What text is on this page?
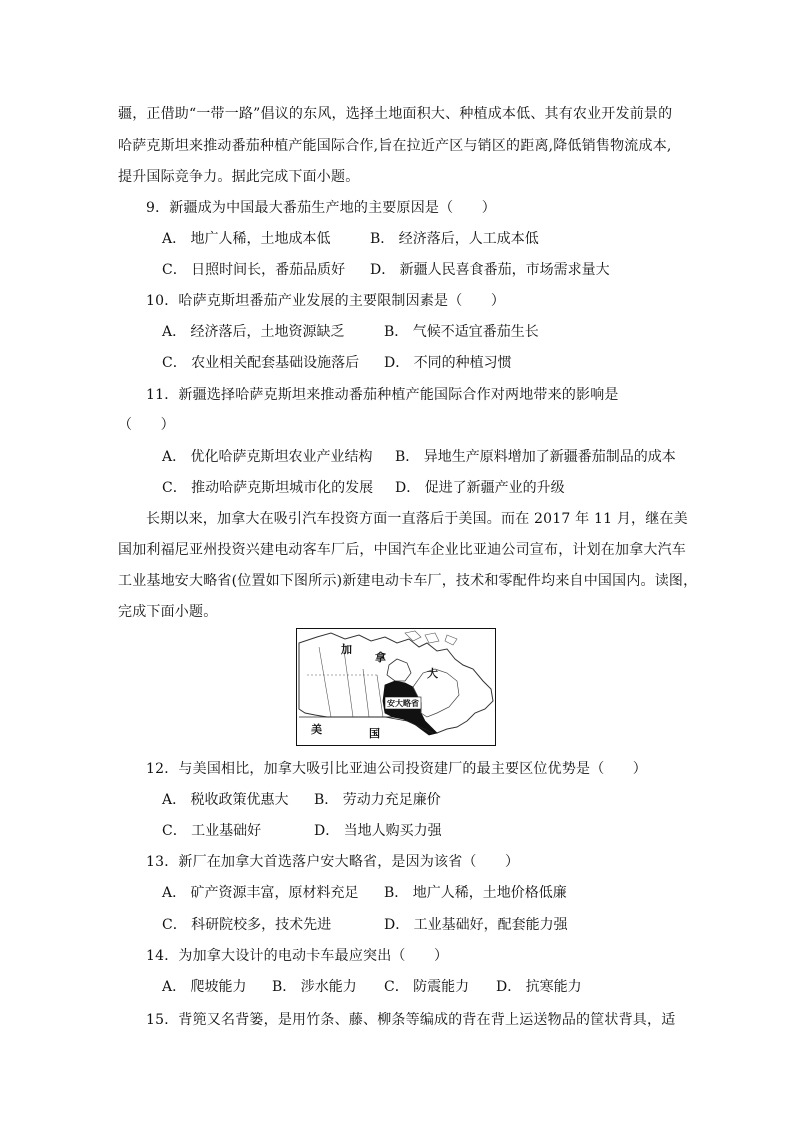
疆，正借助“一带一路”倡议的东风，选择土地面积大、种植成本低、其有农业开发前景的
哈萨克斯坦来推动番茄种植产能国际合作,旨在拉近产区与销区的距离,降低销售物流成本,
提升国际竞争力。据此完成下面小题。
9．新疆成为中国最大番茄生产地的主要原因是（　　）
A． 地广人稀，土地成本低	B． 经济落后，人工成本低
C． 日照时间长，番茄品质好 D． 新疆人民喜食番茄，市场需求量大
10．哈萨克斯坦番茄产业发展的主要限制因素是（　　）
A． 经济落后，土地资源缺乏	B． 气候不适宜番茄生长
C． 农业相关配套基础设施落后 D． 不同的种植习惯
11．新疆选择哈萨克斯坦来推动番茄种植产能国际合作对两地带来的影响是
（　　）
A． 优化哈萨克斯坦农业产业结构 B． 异地生产原料增加了新疆番茄制品的成本
C． 推动哈萨克斯坦城市化的发展 D． 促进了新疆产业的升级
长期以来，加拿大在吸引汽车投资方面一直落后于美国。而在 2017 年 11 月，继在美
国加利福尼亚州投资兴建电动客车厂后，中国汽车企业比亚迪公司宣布，计划在加拿大汽车
工业基地安大略省(位置如下图所示)新建电动卡车厂，技术和零配件均来自中国国内。读图，
完成下面小题。
加
拿
大
安大略省
美	国
12．与美国相比，加拿大吸引比亚迪公司投资建厂的最主要区位优势是（　　）
A． 税收政策优惠大 B． 劳动力充足廉价
C． 工业基础好	D． 当地人购买力强
13．新厂在加拿大首选落户安大略省，是因为该省（　　）
A． 矿产资源丰富，原材料充足 B． 地广人稀，土地价格低廉
C． 科研院校多，技术先进	D． 工业基础好，配套能力强
14．为加拿大设计的电动卡车最应突出（　　）
A． 爬坡能力 B． 涉水能力 C． 防震能力 D． 抗寒能力
15．背篼又名背篓，是用竹条、藤、柳条等编成的背在背上运送物品的筐状背具，适
